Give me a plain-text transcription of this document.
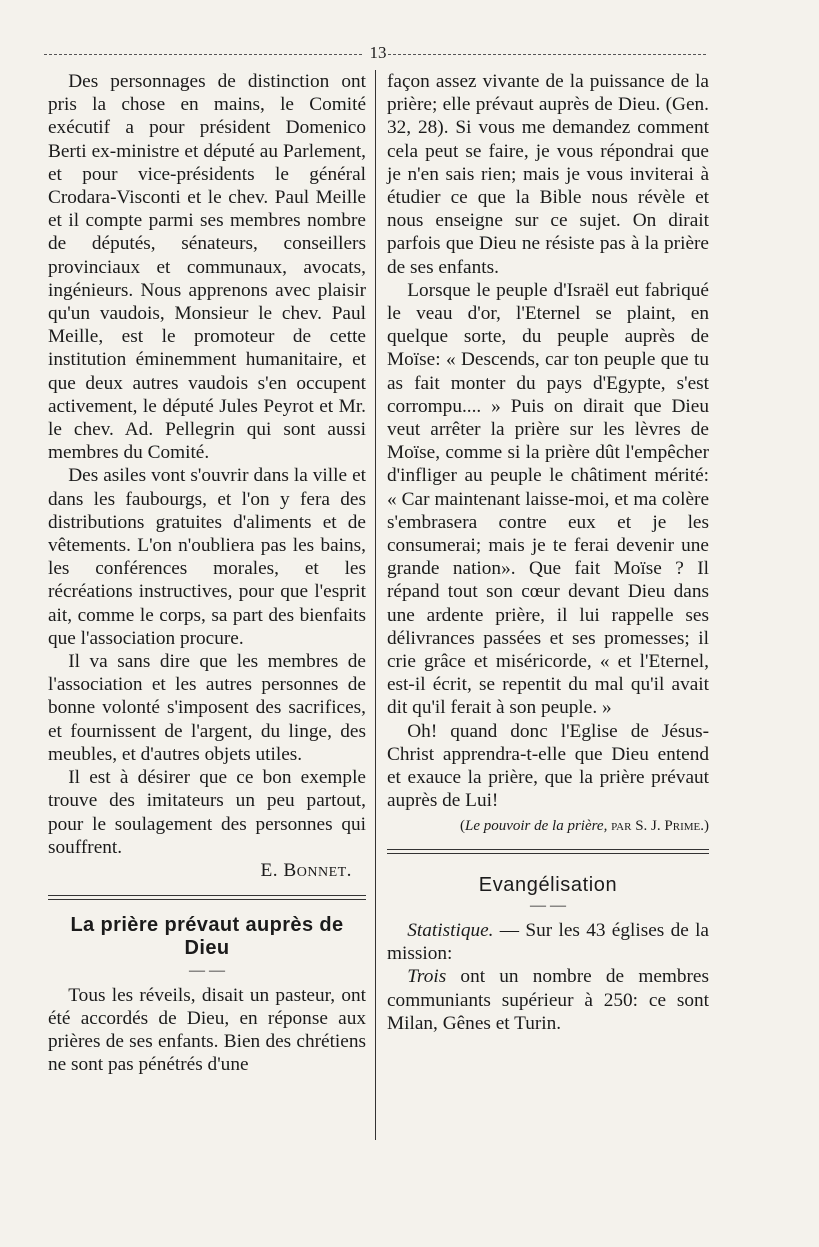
13

Des personnages de distinction ont pris la chose en mains, le Comité exécutif a pour président Domenico Berti ex-ministre et député au Parlement, et pour vice-présidents le général Crodara-Visconti et le chev. Paul Meille et il compte parmi ses membres nombre de députés, sénateurs, conseillers provinciaux et communaux, avocats, ingénieurs. Nous apprenons avec plaisir qu'un vaudois, Monsieur le chev. Paul Meille, est le promoteur de cette institution éminemment humanitaire, et que deux autres vaudois s'en occupent activement, le député Jules Peyrot et Mr. le chev. Ad. Pellegrin qui sont aussi membres du Comité.

Des asiles vont s'ouvrir dans la ville et dans les faubourgs, et l'on y fera des distributions gratuites d'aliments et de vêtements. L'on n'oubliera pas les bains, les conférences morales, et les récréations instructives, pour que l'esprit ait, comme le corps, sa part des bienfaits que l'association procure.

Il va sans dire que les membres de l'association et les autres personnes de bonne volonté s'imposent des sacrifices, et fournissent de l'argent, du linge, des meubles, et d'autres objets utiles.

Il est à désirer que ce bon exemple trouve des imitateurs un peu partout, pour le soulagement des personnes qui souffrent.

E. Bonnet.

La prière prévaut auprès de Dieu
— —

Tous les réveils, disait un pasteur, ont été accordés de Dieu, en réponse aux prières de ses enfants. Bien des chrétiens ne sont pas pénétrés d'une

façon assez vivante de la puissance de la prière; elle prévaut auprès de Dieu. (Gen. 32, 28). Si vous me demandez comment cela peut se faire, je vous répondrai que je n'en sais rien; mais je vous inviterai à étudier ce que la Bible nous révèle et nous enseigne sur ce sujet. On dirait parfois que Dieu ne résiste pas à la prière de ses enfants.

Lorsque le peuple d'Israël eut fabriqué le veau d'or, l'Eternel se plaint, en quelque sorte, du peuple auprès de Moïse: « Descends, car ton peuple que tu as fait monter du pays d'Egypte, s'est corrompu.... » Puis on dirait que Dieu veut arrêter la prière sur les lèvres de Moïse, comme si la prière dût l'empêcher d'infliger au peuple le châtiment mérité: « Car maintenant laisse-moi, et ma colère s'embrasera contre eux et je les consumerai; mais je te ferai devenir une grande nation». Que fait Moïse ? Il répand tout son cœur devant Dieu dans une ardente prière, il lui rappelle ses délivrances passées et ses promesses; il crie grâce et miséricorde, « et l'Eternel, est-il écrit, se repentit du mal qu'il avait dit qu'il ferait à son peuple. »

Oh! quand donc l'Eglise de Jésus-Christ apprendra-t-elle que Dieu entend et exauce la prière, que la prière prévaut auprès de Lui!

(Le pouvoir de la prière, par S. J. Prime.)
Evangélisation
— —

Statistique. — Sur les 43 églises de la mission:

Trois ont un nombre de membres communiants supérieur à 250: ce sont Milan, Gênes et Turin.
